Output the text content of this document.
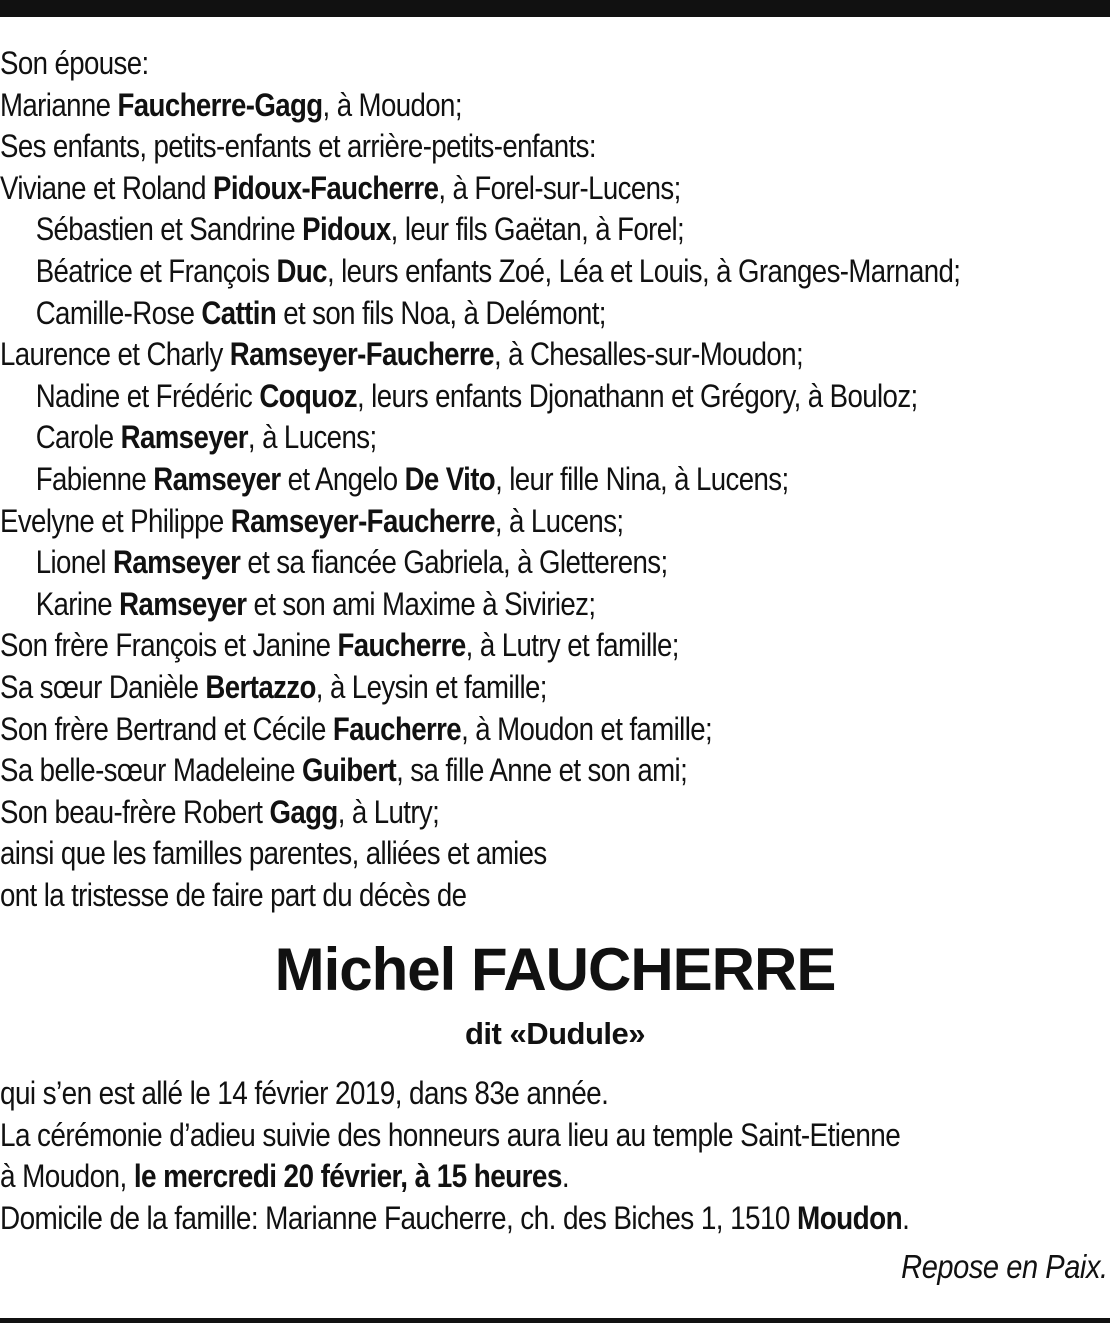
Son épouse:
Marianne Faucherre-Gagg, à Moudon;
Ses enfants, petits-enfants et arrière-petits-enfants:
Viviane et Roland Pidoux-Faucherre, à Forel-sur-Lucens;
Sébastien et Sandrine Pidoux, leur fils Gaëtan, à Forel;
Béatrice et François Duc, leurs enfants Zoé, Léa et Louis, à Granges-Marnand;
Camille-Rose Cattin et son fils Noa, à Delémont;
Laurence et Charly Ramseyer-Faucherre, à Chesalles-sur-Moudon;
Nadine et Frédéric Coquoz, leurs enfants Djonathann et Grégory, à Bouloz;
Carole Ramseyer, à Lucens;
Fabienne Ramseyer et Angelo De Vito, leur fille Nina, à Lucens;
Evelyne et Philippe Ramseyer-Faucherre, à Lucens;
Lionel Ramseyer et sa fiancée Gabriela, à Gletterens;
Karine Ramseyer et son ami Maxime à Siviriez;
Son frère François et Janine Faucherre, à Lutry et famille;
Sa sœur Danièle Bertazzo, à Leysin et famille;
Son frère Bertrand et Cécile Faucherre, à Moudon et famille;
Sa belle-sœur Madeleine Guibert, sa fille Anne et son ami;
Son beau-frère Robert Gagg, à Lutry;
ainsi que les familles parentes, alliées et amies
ont la tristesse de faire part du décès de
Michel FAUCHERRE
dit «Dudule»
qui s’en est allé le 14 février 2019, dans 83e année.
La cérémonie d’adieu suivie des honneurs aura lieu au temple Saint-Etienne
à Moudon, le mercredi 20 février, à 15 heures.
Domicile de la famille: Marianne Faucherre, ch. des Biches 1, 1510 Moudon.
Repose en Paix.
